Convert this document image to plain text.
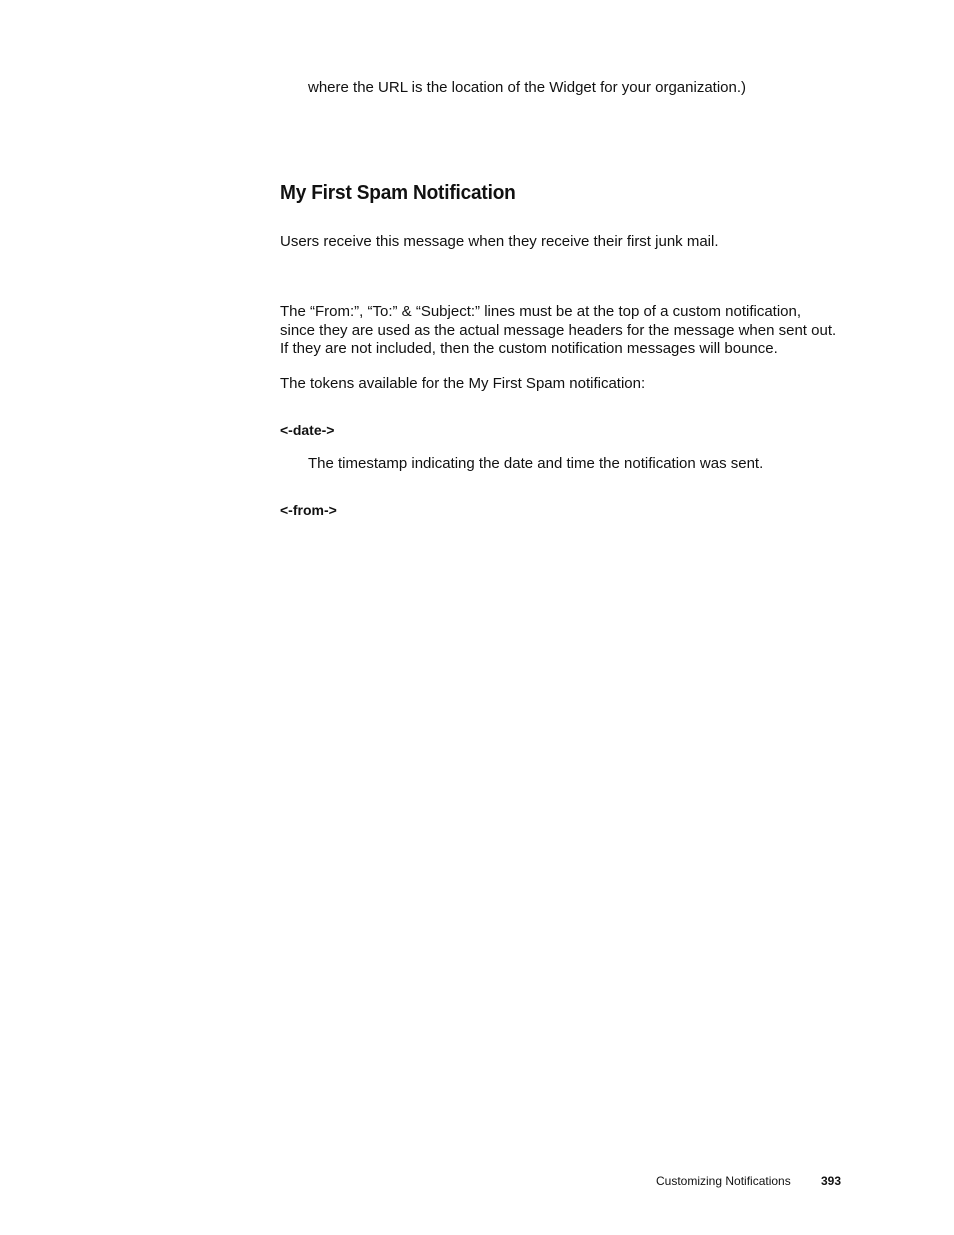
where the URL is the location of the Widget for your organization.)

My First Spam Notification

Users receive this message when they receive their first junk mail.

The “From:”, “To:” & “Subject:” lines must be at the top of a custom notification, since they are used as the actual message headers for the message when sent out. If they are not included, then the custom notification messages will bounce.

The tokens available for the My First Spam notification:

<-date->

The timestamp indicating the date and time the notification was sent.

<-from->

Customizing Notifications	393
